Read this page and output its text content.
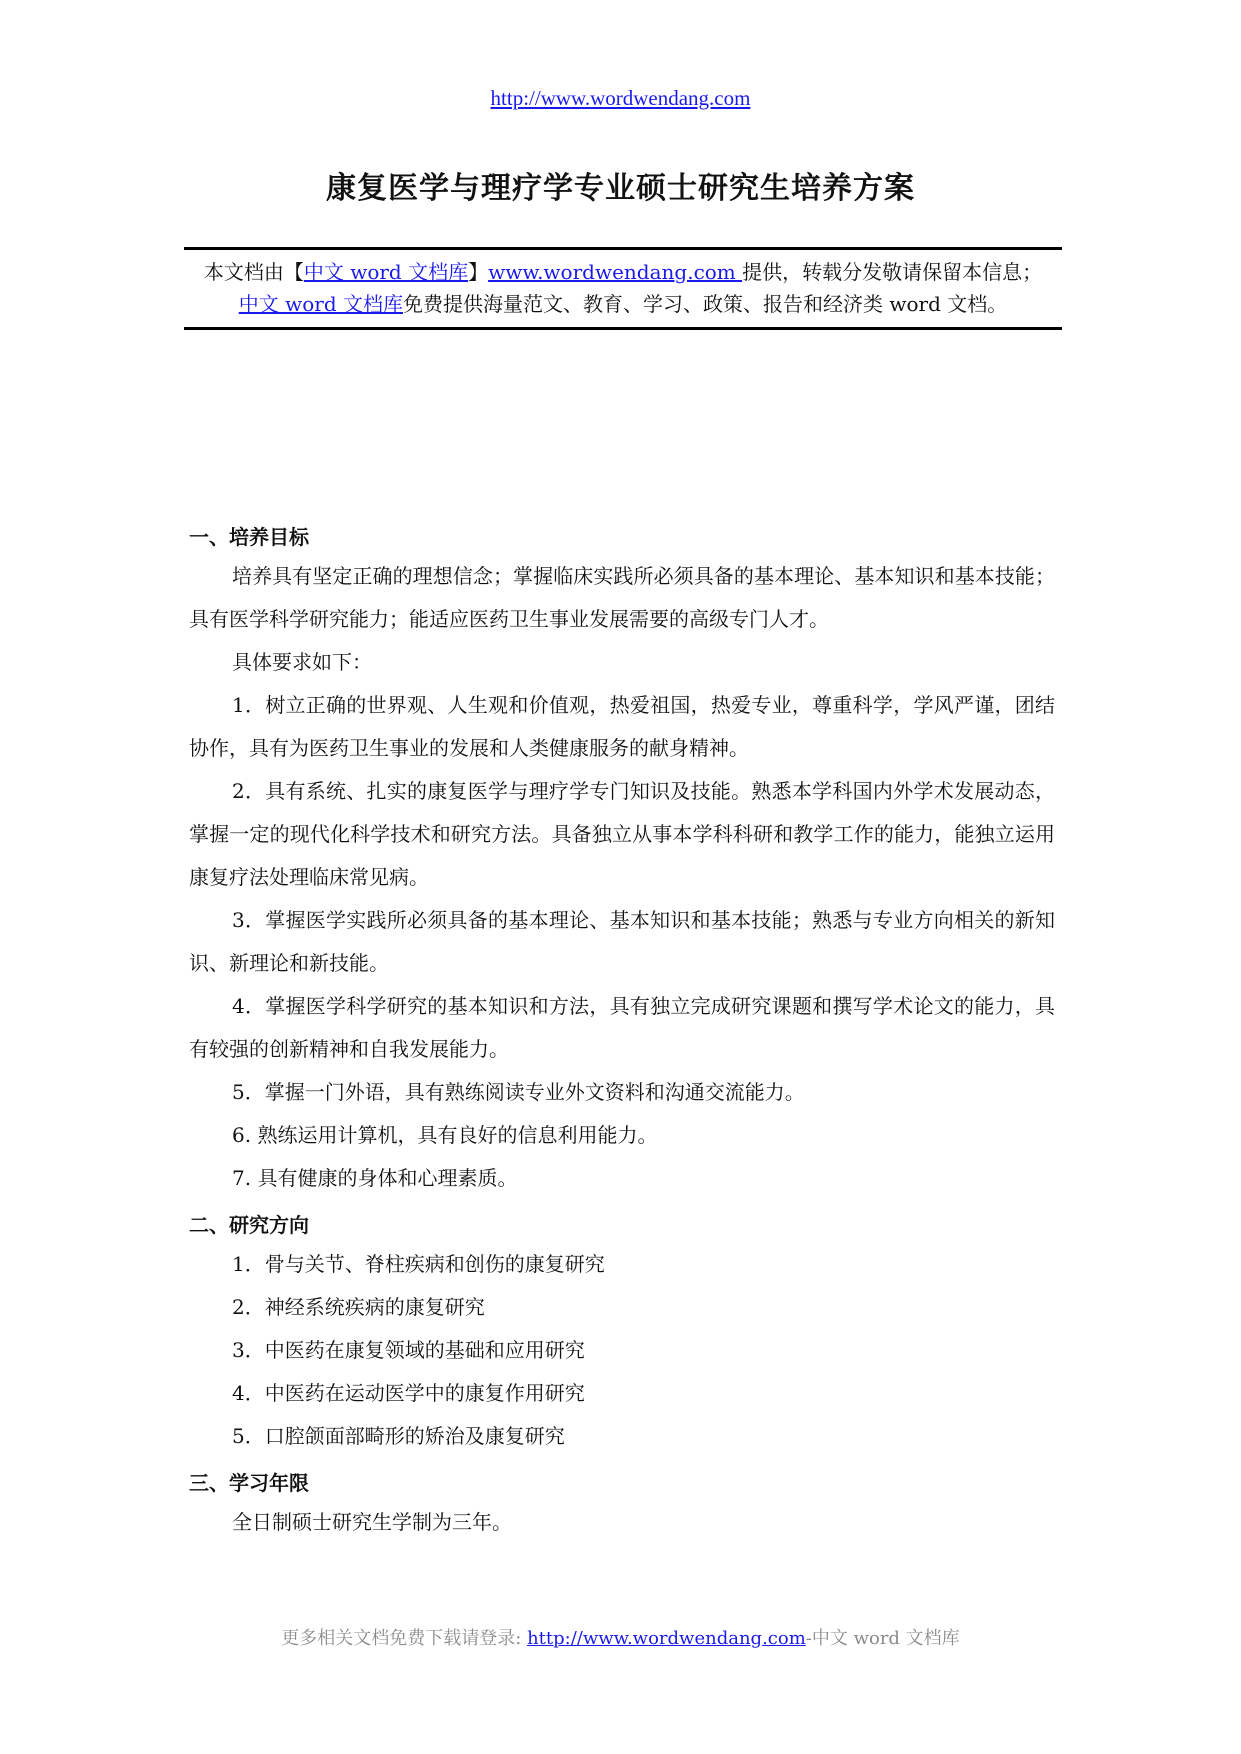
http://www.wordwendang.com
康复医学与理疗学专业硕士研究生培养方案
本文档由【中文 word 文档库】www.wordwendang.com 提供，转载分发敬请保留本信息；
中文 word 文档库免费提供海量范文、教育、学习、政策、报告和经济类 word 文档。
一、培养目标

培养具有坚定正确的理想信念；掌握临床实践所必须具备的基本理论、基本知识和基本技能；具有医学科学研究能力；能适应医药卫生事业发展需要的高级专门人才。

具体要求如下：

1．树立正确的世界观、人生观和价值观，热爱祖国，热爱专业，尊重科学，学风严谨，团结协作，具有为医药卫生事业的发展和人类健康服务的献身精神。

2．具有系统、扎实的康复医学与理疗学专门知识及技能。熟悉本学科国内外学术发展动态，掌握一定的现代化科学技术和研究方法。具备独立从事本学科科研和教学工作的能力，能独立运用康复疗法处理临床常见病。

3．掌握医学实践所必须具备的基本理论、基本知识和基本技能；熟悉与专业方向相关的新知识、新理论和新技能。

4．掌握医学科学研究的基本知识和方法，具有独立完成研究课题和撰写学术论文的能力，具有较强的创新精神和自我发展能力。

5．掌握一门外语，具有熟练阅读专业外文资料和沟通交流能力。

6. 熟练运用计算机，具有良好的信息利用能力。

7. 具有健康的身体和心理素质。

二、研究方向

1．骨与关节、脊柱疾病和创伤的康复研究

2．神经系统疾病的康复研究

3．中医药在康复领域的基础和应用研究

4．中医药在运动医学中的康复作用研究

5．口腔颌面部畸形的矫治及康复研究

三、学习年限

全日制硕士研究生学制为三年。

更多相关文档免费下载请登录: http://www.wordwendang.com-中文 word 文档库
